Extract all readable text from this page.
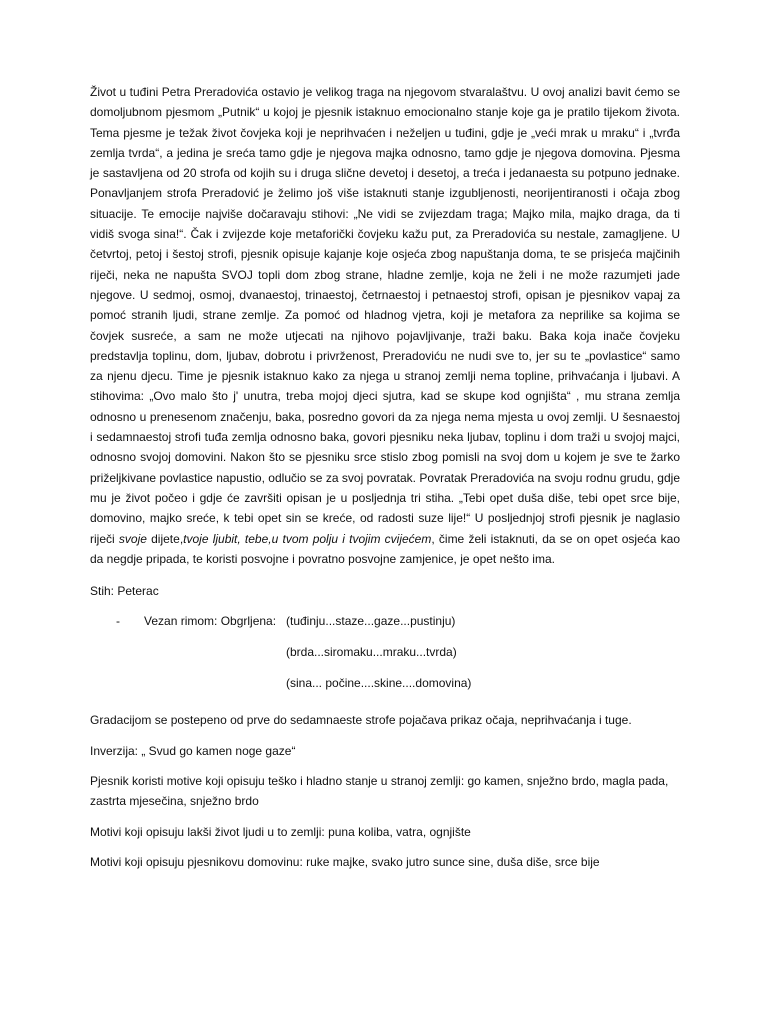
Život u tuđini Petra Preradovića ostavio je velikog traga na njegovom stvaralaštvu. U ovoj analizi bavit ćemo se domoljubnom pjesmom „Putnik“ u kojoj je pjesnik istaknuo emocionalno stanje koje ga je pratilo tijekom života. Tema pjesme je težak život čovjeka koji je neprihvaćen i neželjen u tuđini, gdje je „veći mrak u mraku“ i „tvrđa zemlja tvrda“, a jedina je sreća tamo gdje je njegova majka odnosno, tamo gdje je njegova domovina. Pjesma je sastavljena od 20 strofa od kojih su i druga slične devetoj i desetoj, a treća i jedanaesta su potpuno jednake. Ponavljanjem strofa Preradović je želimo još više istaknuti stanje izgubljenosti, neorijentiranosti i očaja zbog situacije. Te emocije najviše dočaravaju stihovi: „Ne vidi se zvijezdam traga; Majko mila, majko draga, da ti vidiš svoga sina!“. Čak i zvijezde koje metaforički čovjeku kažu put, za Preradovića su nestale, zamagljene. U četvrtoj, petoj i šestoj strofi, pjesnik opisuje kajanje koje osjeća zbog napuštanja doma, te se prisjeća majčinih riječi, neka ne napušta SVOJ topli dom zbog strane, hladne zemlje, koja ne želi i ne može razumjeti jade njegove. U sedmoj, osmoj, dvanaestoj, trinaestoj, četrnaestoj i petnaestoj strofi, opisan je pjesnikov vapaj za pomoć stranih ljudi, strane zemlje. Za pomoć od hladnog vjetra, koji je metafora za neprilike sa kojima se čovjek susreće, a sam ne može utjecati na njihovo pojavljivanje, traži baku. Baka koja inače čovjeku predstavlja toplinu, dom, ljubav, dobrotu i privrženost, Preradoviću ne nudi sve to, jer su te „povlastice“ samo za njenu djecu. Time je pjesnik istaknuo kako za njega u stranoj zemlji nema topline, prihvaćanja i ljubavi. A stihovima: „Ovo malo što j' unutra, treba mojoj djeci sjutra, kad se skupe kod ognjišta“ , mu strana zemlja odnosno u prenesenom značenju, baka, posredno govori da za njega nema mjesta u ovoj zemlji. U šesnaestoj i sedamnaestoj strofi tuđa zemlja odnosno baka, govori pjesniku neka ljubav, toplinu i dom traži u svojoj majci, odnosno svojoj domovini. Nakon što se pjesniku srce stislo zbog pomisli na svoj dom u kojem je sve te žarko priželjkivane povlastice napustio, odlučio se za svoj povratak. Povratak Preradovića na svoju rodnu grudu, gdje mu je život počeo i gdje će završiti opisan je u posljednja tri stiha. „Tebi opet duša diše, tebi opet srce bije, domovino, majko sreće, k tebi opet sin se kreće, od radosti suze lije!“ U posljednjoj strofi pjesnik je naglasio riječi svoje dijete,tvoje ljubit, tebe,u tvom polju i tvojim cvijećem, čime želi istaknuti, da se on opet osjeća kao da negdje pripada, te koristi posvojne i povratno posvojne zamjenice, je opet nešto ima.

Stih: Peterac

-	Vezan rimom: Obgrljena: (tuđinju...staze...gaze...pustinju)
(brda...siromaku...mraku...tvrda)
(sina... počine....skine....domovina)

Gradacijom se postepeno od prve do sedamnaeste strofe pojačava prikaz očaja, neprihvaćanja i tuge.

Inverzija: „ Svud go kamen noge gaze“

Pjesnik koristi motive koji opisuju teško i hladno stanje u stranoj zemlji: go kamen, snježno brdo, magla pada, zastrta mjesečina, snježno brdo

Motivi koji opisuju lakši život ljudi u to zemlji: puna koliba, vatra, ognjište

Motivi koji opisuju pjesnikovu domovinu: ruke majke, svako jutro sunce sine, duša diše, srce bije
